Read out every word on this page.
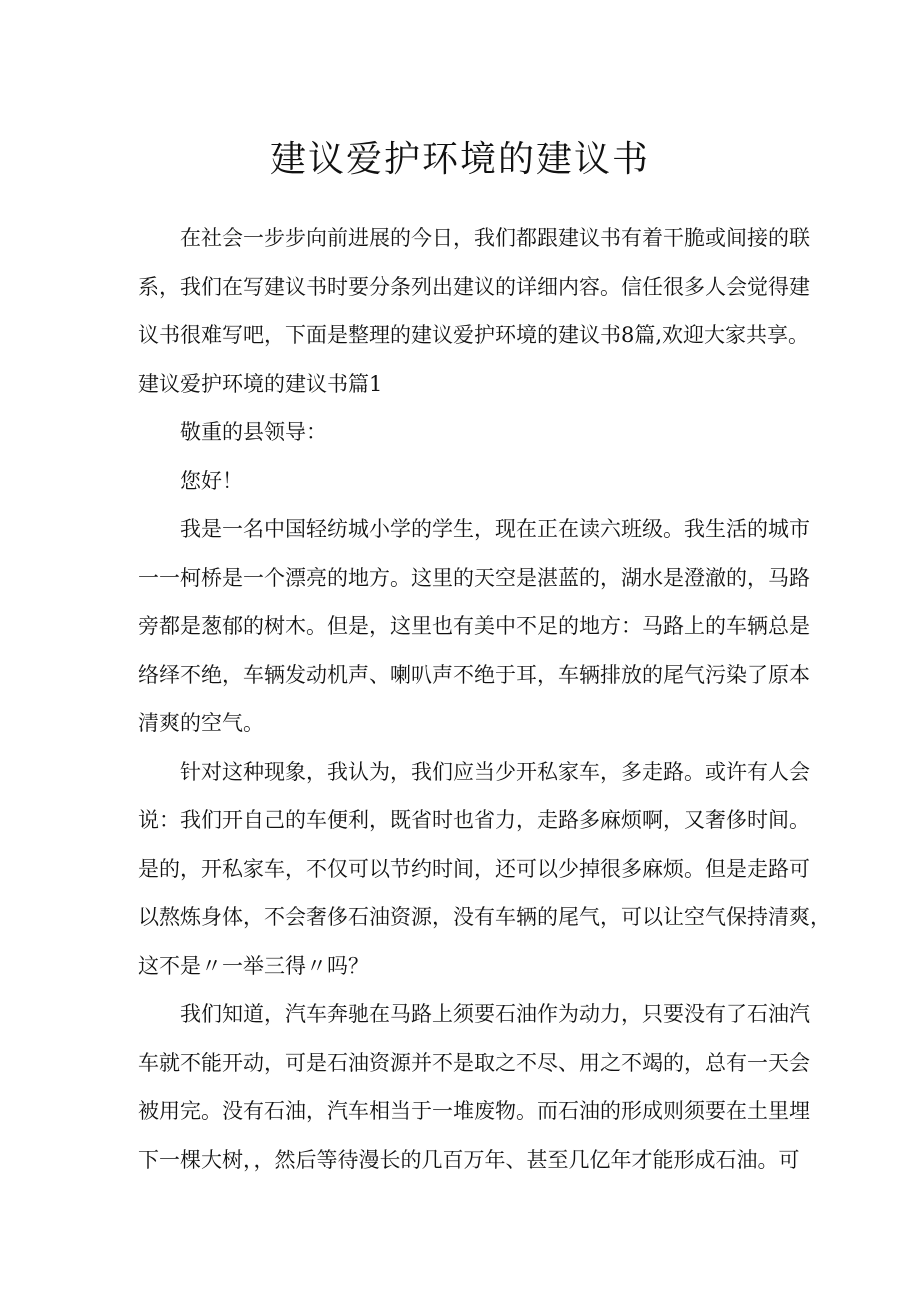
建议爱护环境的建议书
在社会一步步向前进展的今日，我们都跟建议书有着干脆或间接的联
系，我们在写建议书时要分条列出建议的详细内容。信任很多人会觉得建
议书很难写吧，下面是整理的建议爱护环境的建议书8篇,欢迎大家共享。
建议爱护环境的建议书篇1
敬重的县领导：
您好！
我是一名中国轻纺城小学的学生，现在正在读六班级。我生活的城市
一一柯桥是一个漂亮的地方。这里的天空是湛蓝的，湖水是澄澈的，马路
旁都是葱郁的树木。但是，这里也有美中不足的地方：马路上的车辆总是
络绎不绝，车辆发动机声、喇叭声不绝于耳，车辆排放的尾气污染了原本
清爽的空气。
针对这种现象，我认为，我们应当少开私家车，多走路。或许有人会
说：我们开自己的车便利，既省时也省力，走路多麻烦啊，又奢侈时间。
是的，开私家车，不仅可以节约时间，还可以少掉很多麻烦。但是走路可
以熬炼身体，不会奢侈石油资源，没有车辆的尾气，可以让空气保持清爽，
这不是〃一举三得〃吗？
我们知道，汽车奔驰在马路上须要石油作为动力，只要没有了石油汽
车就不能开动，可是石油资源并不是取之不尽、用之不竭的，总有一天会
被用完。没有石油，汽车相当于一堆废物。而石油的形成则须要在土里埋
下一棵大树，，然后等待漫长的几百万年、甚至几亿年才能形成石油。可
